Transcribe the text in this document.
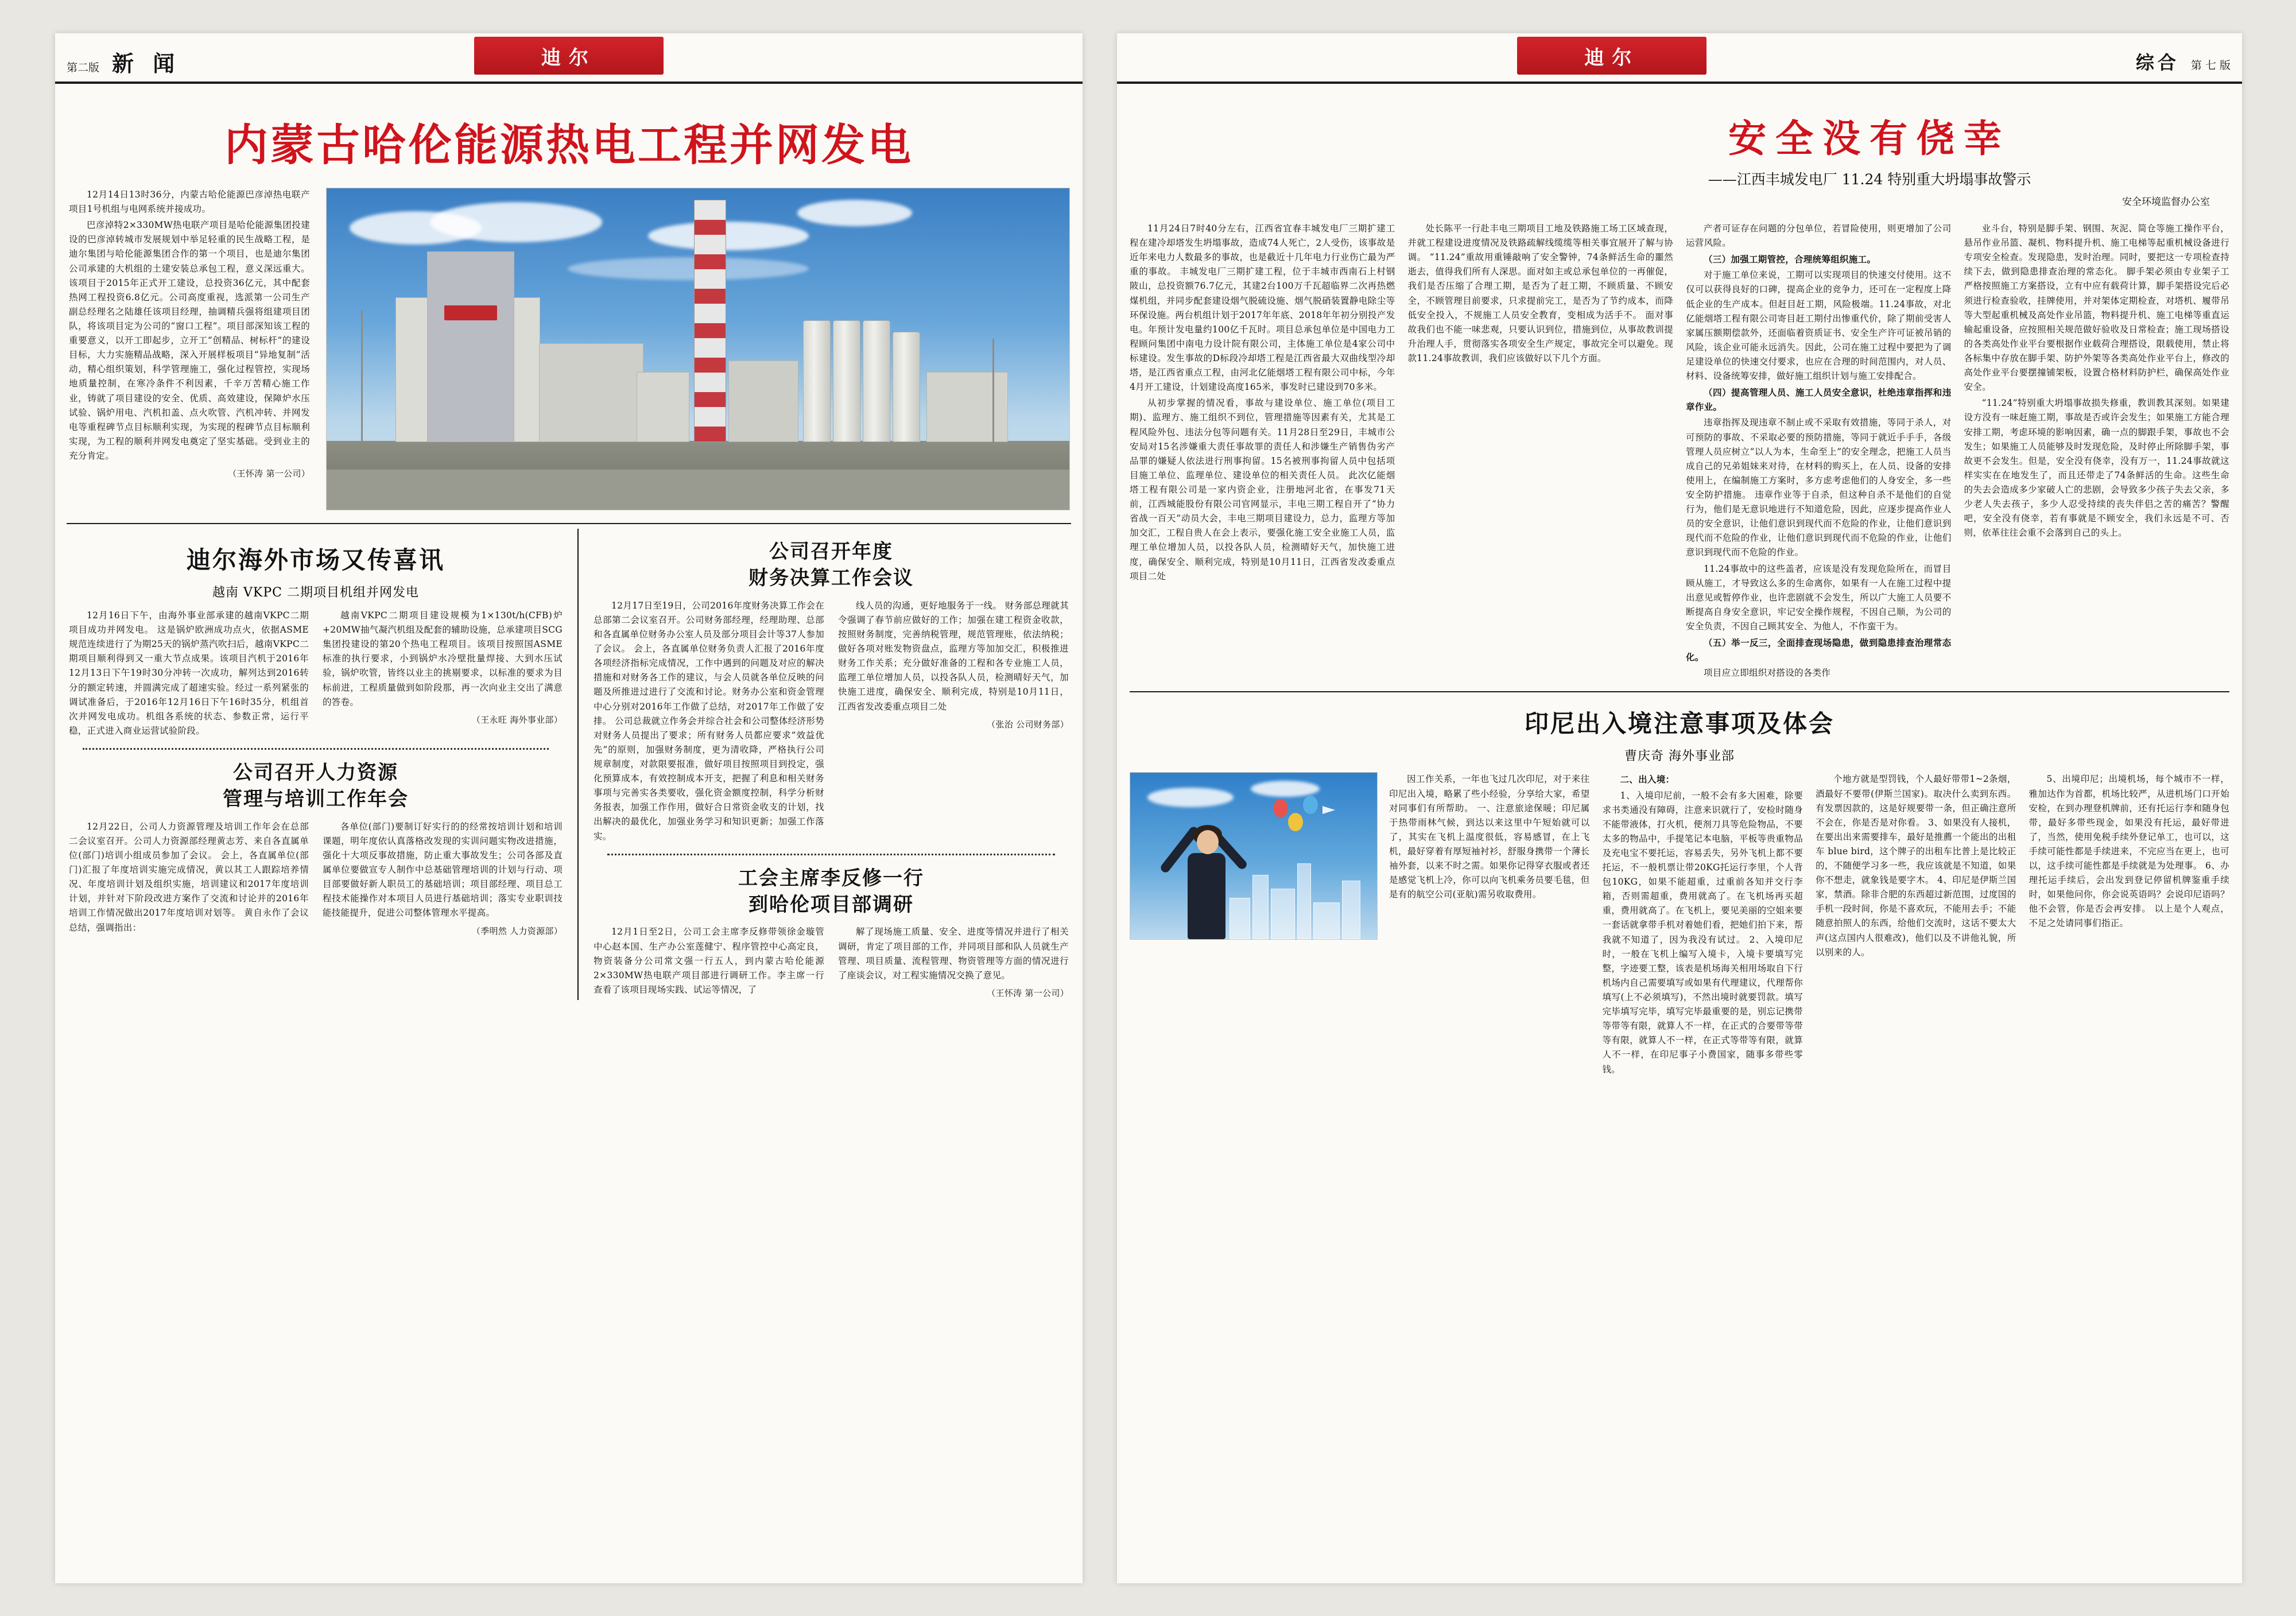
第二版 新 闻	迪尔
内蒙古哈伦能源热电工程并网发电

12月14日13时36分，内蒙古哈伦能源巴彦淖热电联产项目1号机组与电网系统并接成功。

巴彦淖特2×330MW热电联产项目是哈伦能源集团投建设的巴彦淖转城市发展规划中举足轻重的民生战略工程，是迪尔集团与哈伦能源集团合作的第一个项目，也是迪尔集团公司承建的大机组的土建安装总承包工程，意义深远重大。该项目于2015年正式开工建设，总投资36亿元，其中配套热网工程投资6.8亿元。公司高度重视，选派第一公司生产副总经理名之陆雄任该项目经理，抽调精兵强将组建项目团队，将该项目定为公司的“窗口工程”。项目部深知该工程的重要意义，以开工即起步，立开工“创精品、树标杆”的建设目标，大力实施精品战略，深入开展样板项目“异地复制”活动，精心组织策划，科学管理施工，强化过程管控，实现场地质量控制，在寒冷条件不利因素，千辛万苦精心施工作业，铸就了项目建设的安全、优质、高效建设，保障炉水压试验、锅炉用电、汽机扣盖、点火吹管、汽机冲转、并网发电等重程碑节点目标顺利实现，为实现的程碑节点目标顺利实现，为工程的顺利并网发电奠定了坚实基础。受到业主的充分肯定。

（王怀涛 第一公司）
迪尔海外市场又传喜讯
越南 VKPC 二期项目机组并网发电

12月16日下午，由海外事业部承建的越南VKPC二期项目成功并网发电。 这是锅炉欧洲成功点火，依据ASME规范连续进行了为期25天的锅炉蒸汽吹扫后，越南VKPC二期项目顺利得到又一重大节点成果。该项目汽机于2016年12月13日下午19时30分冲转一次成功，解列达到2016转分的额定转速，并圆满完成了超速实验。经过一系列紧张的调试准备后，于2016年12月16日下午16时35分，机组首次并网发电成功。机组各系统的状态、参数正常，运行平稳，正式进入商业运营试验阶段。

越南VKPC二期项目建设规模为1×130t/h(CFB)炉+20MW抽气凝汽机组及配套的辅助设施，总承建项目SCG集团投建设的第20个热电工程项目。该项目按照国ASME标准的执行要求，小到锅炉水冷壁批量焊接、大到水压试验，锅炉吹管，皆终以业主的挑剔要求，以标准的要求为目标前进，工程质量做到如阶段那，再一次向业主交出了满意的答卷。

（王永旺 海外事业部）
公司召开人力资源
管理与培训工作年会

12月22日，公司人力资源管理及培训工作年会在总部二会议室召开。公司人力资源部经理黄志芳、来自各直属单位(部门)培训小组成员参加了会议。 会上，各直属单位(部门)汇报了年度培训实施完成情况，黄以其工人跟踪培养情况、年度培训计划及组织实施，培训建议和2017年度培训计划，并针对下阶段改进方案作了交流和讨论并的2016年培训工作情况做出2017年度培训对划等。 黄自永作了会议总结，强调指出：

各单位(部门)要制订好实行的的经常按培训计划和培训课题，明年度依认真落格改发现的实训问题实物改进措施，强化十大项反事故措施，防止重大事故发生；公司各部及直属单位要做宣专人制作中总基础管理培训的计划与行动、项目部要做好新人职员工的基础培训；项目部经理、项目总工程技术能操作对本项目人员进行基础培训；落实专业职训技能技能提升，促进公司整体管理水平提高。

（季明然 人力资源部）
公司召开年度
财务决算工作会议

12月17日至19日，公司2016年度财务决算工作会在总部第二会议室召开。公司财务部经理，经理助理、总部和各直属单位财务办公室人员及部分项目会计等37人参加了会议。 会上，各直属单位财务负责人汇报了2016年度各项经济指标完成情况，工作中遇到的问题及对应的解决措施和对财务各工作的建议，与会人员就各单位反映的问题及所推进过进行了交流和讨论。财务办公室和资金管理中心分别对2016年工作做了总结，对2017年工作做了安排。 公司总裁就立作务会并综合社会和公司整体经济形势对财务人员提出了要求；所有财务人员都应要求“效益优先”的原则，加强财务制度，更为清收降，严格执行公司规章制度，对款限要报准，做好项目按照项目到投定，强化预算成本，有效控制成本开支，把握了利息和相关财务事项与完善实各类要收，强化资金额度控制，科学分析财务报表，加强工作作用，做好合日常资金收支的计划，找出解决的最优化，加强业务学习和知识更新；加强工作落实。

线人员的沟通，更好地服务于一线。 财务部总理就其令强调了春节前应做好的工作；加强在建工程资金收款，按照财务制度，完善纳税管理，规范管理账，依法纳税；做好各项对账发物资盘点，监理方等加加交汇，积极推进财务工作关系；充分做好准备的工程和各专业施工人员，监理工单位增加人员，以投各队人员，检测晴好天气，加快施工进度，确保安全、顺利完成，特别是10月11日，江西省发改委重点项目二处

（张治 公司财务部）
工会主席李反修一行
到哈伦项目部调研

12月1日至2日，公司工会主席李反修带领徐金璇管中心赵本国、生产办公室莲健宁、程序管控中心高定良，物资装备分公司常文强一行五人，到内蒙古哈伦能源2×330MW热电联产项目部进行调研工作。李主席一行查看了该项目现场实践、试运等情况，了

解了现场施工质量、安全、进度等情况并进行了相关调研，肯定了项目部的工作，并同项目部和队人员就生产管理、项目质量、流程管理、物资管理等方面的情况进行了座谈会议，对工程实施情况交换了意见。

（王怀涛 第一公司）
迪尔	综合 第 七 版
安全没有侥幸
——江西丰城发电厂 11.24 特别重大坍塌事故警示
安全环境监督办公室

11月24日7时40分左右，江西省宜春丰城发电厂三期扩建工程在建冷却塔发生坍塌事故，造成74人死亡，2人受伤，该事故是近年来电力人数最多的事故，也是截近十几年电力行业伤亡最为严重的事故。 丰城发电厂三期扩建工程，位于丰城市西南石上村钢陂山，总投资额76.7亿元，其建2台100万千瓦超临界二次再热燃煤机组，并同步配套建设烟气脱硫设施、烟气脱硝装置静电除尘等环保设施。两台机组计划于2017年年底、2018年年初分别投产发电。年预计发电量约100亿千瓦时。项目总承包单位是中国电力工程顾问集团中南电力设计院有限公司，主体施工单位是4家公司中标建设。发生事故的D标段冷却塔工程是江西省最大双曲线型冷却塔，是江西省重点工程，由河北亿能烟塔工程有限公司中标，今年4月开工建设，计划建设高度165米，事发时已建设到70多米。

从初步掌握的情况看，事故与建设单位、施工单位(项目工期)、监理方、施工组织不到位，管理措施等因素有关，尤其是工程风险外包、违法分包等问题有关。11月28日至29日，丰城市公安局对15名涉嫌重大责任事故罪的责任人和涉嫌生产销售伪劣产品罪的嫌疑人依法进行刑事拘留。15名被刑事拘留人员中包括项目施工单位、监理单位、建设单位的相关责任人员。 此次亿能烟塔工程有限公司是一家内资企业，注册地河北省，在事发71天前，江西城能股份有限公司官网显示，丰电三期工程自开了“协力省战一百天”动员大会，丰电三期项目建设力，总力，监理方等加加交汇，工程自贵人在会上表示，要强化施工安全业施工人员，监理工单位增加人员，以投各队人员，检测晴好天气，加快施工进度，确保安全、顺利完成，特别是10月11日，江西省发改委重点项目二处

处长陈平一行赴丰电三期项目工地及铁路施工场工区域查现，并就工程建设进度情况及铁路疏解线缆缆等相关事宜展开了解与协调。 “11.24”重故用重锤敲响了安全警钟，74条鲜活生命的噩然逝去，值得我们所有人深思。面对如主或总承包单位的一再催促，我们是否压缩了合理工期，是否为了赶工期，不顾质量、不顾安全，不顾管理目前要求，只求提前完工，是否为了节约成本，而降低安全投入，不规施工人员安全教育，变相成为活手不。 面对事故我们也不能一味悲观，只要认识到位，措施到位，从事故教训提升治理人手，贯彻落实各项安全生产规定，事故完全可以避免。现款11.24事故教训，我们应该做好以下几个方面。

产者可证存在问题的分包单位，若冒险使用，则更增加了公司运营风险。

（三）加强工期管控，合理统筹组织施工。

对于施工单位来说，工期可以实现项目的快速交付使用。这不仅可以获得良好的口碑，提高企业的竞争力，还可在一定程度上降低企业的生产成本。但赶目赶工期，风险极端。11.24事故，对北亿能烟塔工程有限公司寄目赶工期付出惨重代价，除了期前受害人家属压额期偿款外，还面临着资质证书、安全生产许可证被吊销的风险，该企业可能永远消失。因此，公司在施工过程中要把为了调足建设单位的快速交付要求，也应在合理的时间范围内，对人员、材料、设备统筹安排，做好施工组织计划与施工安排配合。

（四）提高管理人员、施工人员安全意识，杜绝违章指挥和违章作业。

违章指挥及现违章不制止或不采取有效措施，等同于杀人，对可预防的事故、不采取必要的预防措施，等同于就近手手手，各级管理人员应树立“以人为本，生命至上”的安全理念，把施工人员当成自己的兄弟姐妹来对待，在材料的购买上，在人员、设备的安排使用上，在编制施工方案时，多方虑考虑他们的人身安全，多一些安全防护措施。 违章作业等于自杀，但这种自杀不是他们的自觉行为，他们是无意识地进行不知道危险，因此，应逐步提高作业人员的安全意识，让他们意识到现代而不危险的作业，让他们意识到现代而不危险的作业，让他们意识到现代而不危险的作业，让他们意识到现代而不危险的作业。

11.24事故中的这些盖者，应该是没有发现危险所在，而冒目顾从施工，才导致这么多的生命离你，如果有一人在施工过程中提出意见或暂停作业，也许悲剧就不会发生，所以广大施工人员要不断提高自身安全意识，牢记安全操作规程，不因自己顺，为公司的安全负责，不因自己顾其安全、为他人，不作蛮干为。

（五）举一反三，全面排查现场隐患，做到隐患排查治理常态化。

项目应立即组织对搭设的各类作

业斗台，特别是脚手架、钢围、灰泥、简仓等施工操作平台，悬吊作业吊篮、凝机、物料提升机、施工电梯等起重机械设备进行专项安全检查。发现隐患，发时治理。同时，要把这一专项检查持续下去，做到隐患排查治理的常态化。 脚手架必须由专业架子工严格按照施工方案搭设，立有中应有载荷计算，脚手架搭设完后必须进行检查验收，挂牌使用，并对架体定期检查，对塔机、履带吊等大型起重机械及高处作业吊篮，物料提升机、施工电梯等重直运输起重设备，应按照相关规范做好验收及日常检查；施工现场搭设的各类高处作业平台要根据作业载荷合理搭设，限载使用，禁止将各标集中存放在脚手架、防护外架等各类高处作业平台上，修改的高处作业平台要摆撞铺架板，设置合格材料防护栏，确保高处作业安全。

“11.24”特别重大坍塌事故损失修重，教训教其深刻。如果建设方没有一味赶施工期，事故是否或许会发生；如果施工方能合理安排工期，考虑环境的影响因素，确一点的脚跟手架，事故也不会发生；如果施工人员能够及时发现危险，及时停止所除脚手架，事故更不会发生。但是，安全没有侥幸，没有万一，11.24事故就这样实实在在地发生了，而且还带走了74条鲜活的生命。这些生命的失去会造成多少家破人亡的悲剧，会导致多少孩子失去父亲，多少老人失去孩子，多少人忍受持续的丧失伴侣之苦的痛苦？警醒吧，安全没有侥幸，若有事就是不顾安全，我们永远是不可、否则，依革往往会重不会落到自己的头上。

印尼出入境注意事项及体会
曹庆奇 海外事业部

因工作关系，一年也飞过几次印尼，对于来往印尼出入境，略累了些小经验，分享给大家，希望对同事们有所帮助。 一、注意旅途保暖；印尼属于热带雨林气候，到达以来这里中午短始就可以了，其实在飞机上温度很低，容易感冒，在上飞机，最好穿着有厚短袖衬衫，舒服身携带一个薄长袖外套，以来不时之需。如果你记得穿衣服或者还是感觉飞机上冷，你可以向飞机乘务员要毛毯，但是有的航空公司(亚航)需另收取费用。

二、出入境：

1、入境印尼前，一般不会有多大困难，除要求书类通没有障碍，注意来识就行了，安检时随身不能带液体，打火机，便剂刀具等危险物品，不要太多的物品中，手提笔记本电脑，平板等贵重物品及充电宝不要托运，容易丢失，另外飞机上都不要托运，不一般机票让带20KG托运行李里，个人背包10KG，如果不能超重，过重前各知并交行李箱，否则需超重，费用就高了。在飞机场再买超重，费用就高了。在飞机上，要见美丽的空姐来要一套话就拿带手机对着她们看，把她们拍下来，帮我就不知道了，因为我没有试过。 2、入境印尼时，一般在飞机上编写入境卡，入境卡要填写完整，字迹要工整，该表是机场海关相用场取自下行机场内自己需要填写或如果有代理建议，代理帮你填写(上不必须填写)，不然出境时就要罚款。填写完毕填写完毕，填写完毕最重要的是，别忘记携带等带等有限，就算人不一样，在正式的合要带等带等有限，就算人不一样，在正式等带等有限，就算人不一样，在印尼事子小费国家，随事多带些零钱。

个地方就是型罚钱，个人最好带带1~2条烟，酒最好不要带(伊斯兰国家)。取决什么卖到东西。有发票因款的，这是好规要带一条，但正确注意所不会在，你是否是对你看。 3、如果没有人接机，在要出出来需要排车，最好是推薦一个能出的出租车 blue bird，这个牌子的出租车比普上是比较正的，不随便学习多一些，我应该就是不知道，如果你不想走，就象钱是要字木。 4、印尼是伊斯兰国家，禁酒。除非合肥的东西超过新范围，过度国的手机一段时间，你是不喜欢玩，不能用去手；不能随意拍照人的东西，给他们交流时，这话不要太大声(这点国内人很难改)，他们以及不讲他礼貌，所以别来的人。

5、出境印尼；出境机场，每个城市不一样，雅加达作为首都，机场比较严，从进机场门口开始安检，在到办理登机牌前，还有托运行李和随身包带，最好多带些现金，如果没有托运，最好带进了，当然，使用免税手续外登记单工，也可以，这手续可能性都是手续进来，不完应当在更上，也可以，这手续可能性都是手续就是为处理事。 6、办理托运手续后，会出发到登记停留机牌鉴重手续时，如果他问你，你会说英语吗？会说印尼语吗？他不会管，你是否会再安排。 以上是个人观点，不足之处请同事们指正。
